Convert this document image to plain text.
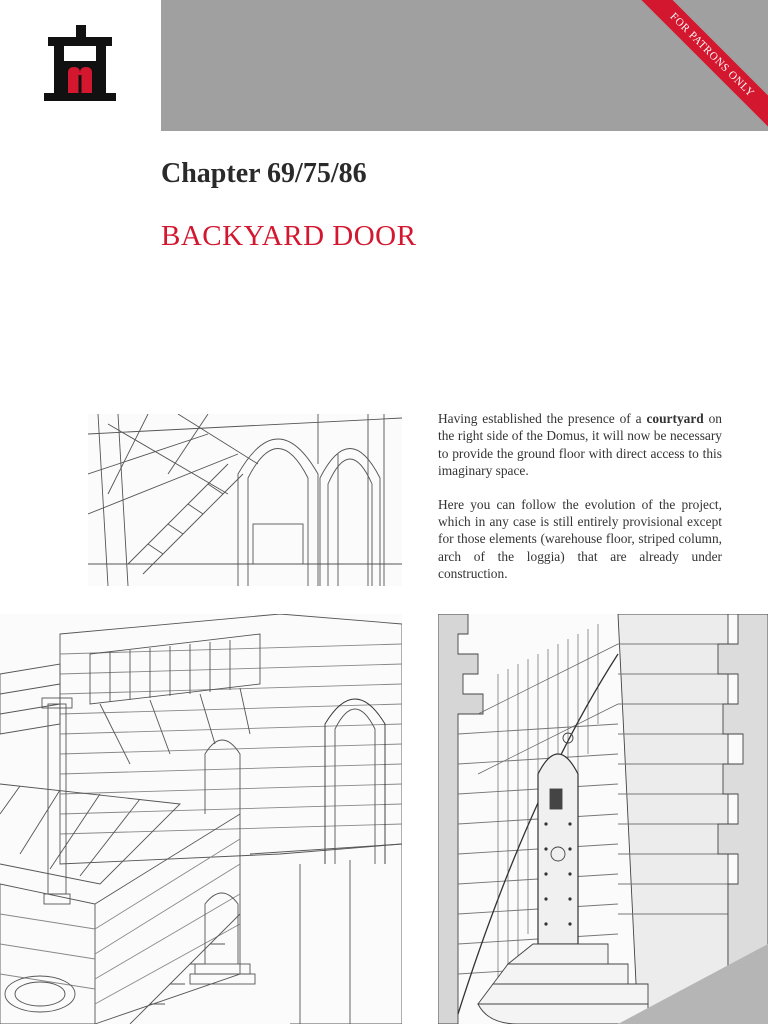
FOR PATRONS ONLY
Chapter 69/75/86
BACKYARD DOOR

Having established the presence of a courtyard on the right side of the Domus, it will now be necessary to provide the ground floor with direct access to this imaginary space.

Here you can follow the evolution of the project, which in any case is still entirely provisional except for those elements (warehouse floor, striped column, arch of the loggia) that are already under construction.
